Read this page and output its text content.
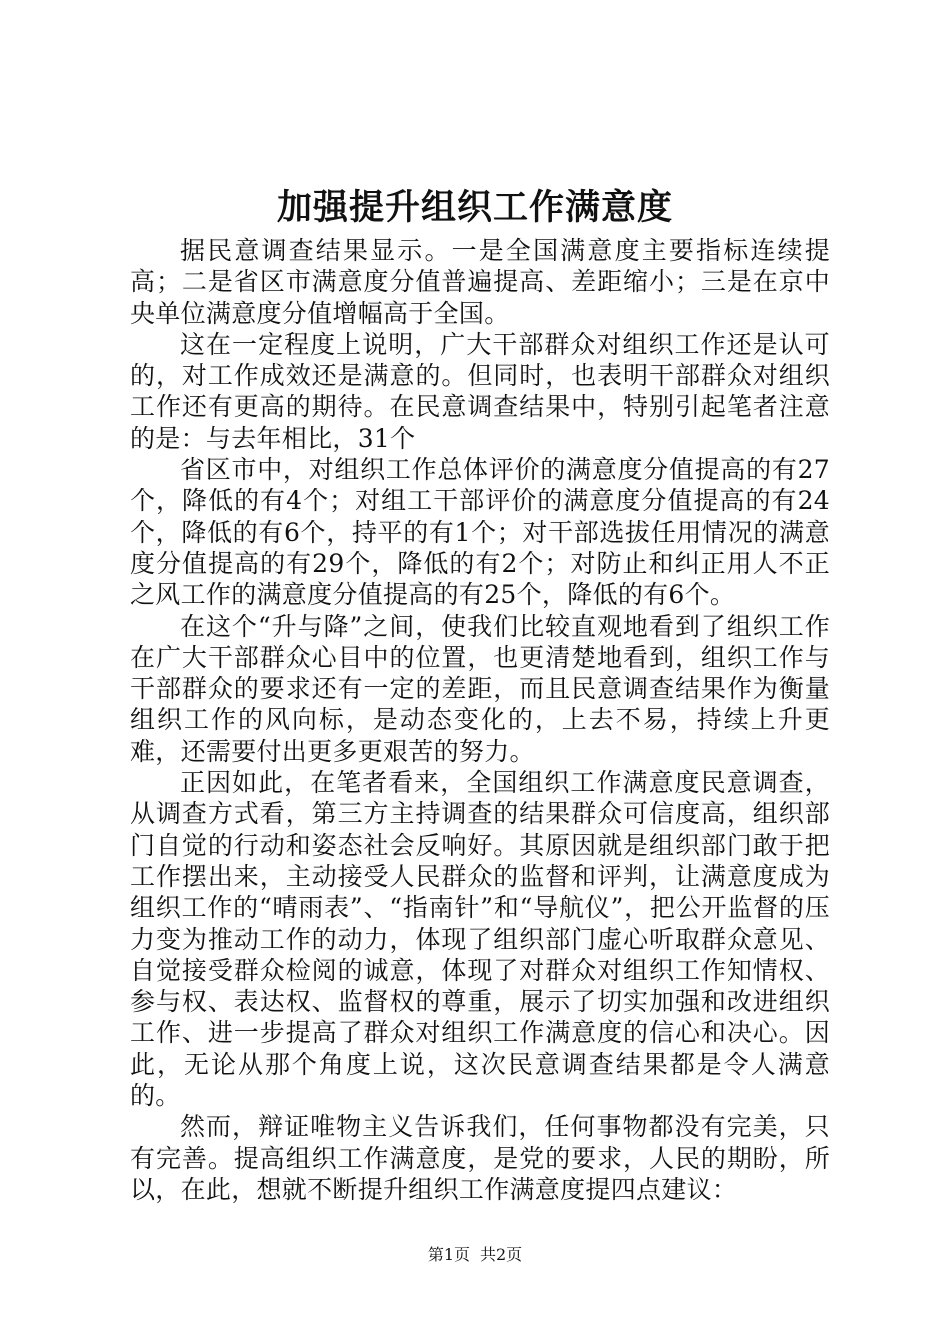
加强提升组织工作满意度

据民意调查结果显示。一是全国满意度主要指标连续提高；二是省区市满意度分值普遍提高、差距缩小；三是在京中央单位满意度分值增幅高于全国。

这在一定程度上说明，广大干部群众对组织工作还是认可的，对工作成效还是满意的。但同时，也表明干部群众对组织工作还有更高的期待。在民意调查结果中，特别引起笔者注意的是：与去年相比，31个

省区市中，对组织工作总体评价的满意度分值提高的有27个，降低的有4个；对组工干部评价的满意度分值提高的有24个，降低的有6个，持平的有1个；对干部选拔任用情况的满意度分值提高的有29个，降低的有2个；对防止和纠正用人不正之风工作的满意度分值提高的有25个，降低的有6个。

在这个“升与降”之间，使我们比较直观地看到了组织工作在广大干部群众心目中的位置，也更清楚地看到，组织工作与干部群众的要求还有一定的差距，而且民意调查结果作为衡量组织工作的风向标，是动态变化的，上去不易，持续上升更难，还需要付出更多更艰苦的努力。

正因如此，在笔者看来，全国组织工作满意度民意调查，从调查方式看，第三方主持调查的结果群众可信度高，组织部门自觉的行动和姿态社会反响好。其原因就是组织部门敢于把工作摆出来，主动接受人民群众的监督和评判，让满意度成为组织工作的“晴雨表”、“指南针”和“导航仪”，把公开监督的压力变为推动工作的动力，体现了组织部门虚心听取群众意见、自觉接受群众检阅的诚意，体现了对群众对组织工作知情权、参与权、表达权、监督权的尊重，展示了切实加强和改进组织工作、进一步提高了群众对组织工作满意度的信心和决心。因此，无论从那个角度上说，这次民意调查结果都是令人满意的。

然而，辩证唯物主义告诉我们，任何事物都没有完美，只有完善。提高组织工作满意度，是党的要求，人民的期盼，所以，在此，想就不断提升组织工作满意度提四点建议：

第1页 共2页
